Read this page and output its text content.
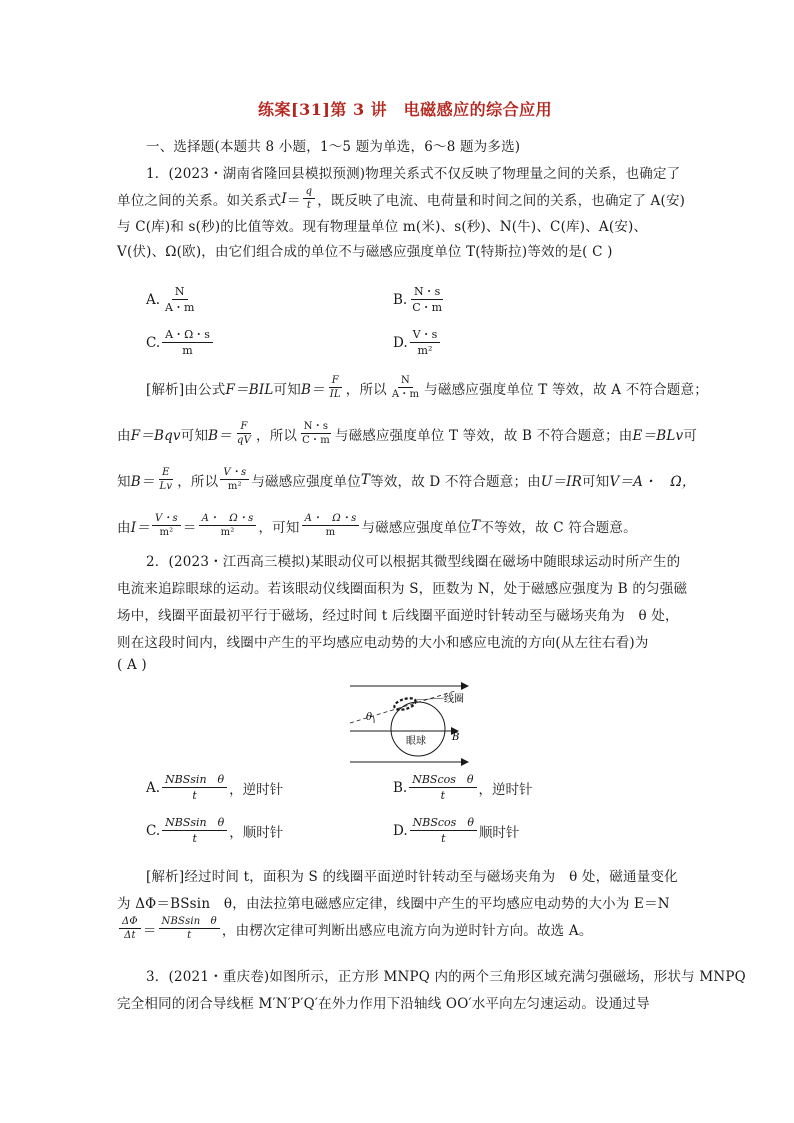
练案[31]第 3 讲　电磁感应的综合应用
一、选择题(本题共 8 小题，1～5 题为单选，6～8 题为多选)
1．(2023・湖南省隆回县模拟预测)物理关系式不仅反映了物理量之间的关系，也确定了
单位之间的关系。如关系式 $I = \frac{q}{t}$ ，既反映了电流、电荷量和时间之间的关系，也确定了 A(安)
与 C(库)和 s(秒)的比值等效。现有物理量单位 m(米)、s(秒)、N(牛)、C(库)、A(安)、
V(伏)、Ω(欧)，由它们组合成的单位不与磁感应强度单位 T(特斯拉)等效的是( C )
A. $\frac{N}{A・m}$	B. $\frac{N・s}{C・m}$
C. $\frac{A・\Omega・s}{m}$	D. $\frac{V・s}{\text{m²}}$
[解析]由公式 F＝BIL 可知 $B= \frac{F}{IL}$ ，所以 $\frac{N}{A・m}$ 与磁感应强度单位 T 等效，故 A 不符合题意；
由 F＝Bqv 可知 $B= \frac{F}{qV}$ ，所以 $\frac{N・s}{C・m}$ 与磁感应强度单位 T 等效，故 B 不符合题意；由 E＝BLv 可
知 $B= \frac{E}{Lv}$ ，所以 $\frac{V・s}{\text{m²}}$ 与磁感应强度单位 T 等效，故 D 不符合题意；由 U＝IR 可知 V＝A・　Ω，
由 $I= \frac{V・s}{\text{m²}} = \frac{A・ \Omega・s}{\text{m²}}$ ，可知 $\frac{A・ \Omega・s}{m}$ 与磁感应强度单位 T 不等效，故 C 符合题意。
2．(2023・江西高三模拟)某眼动仪可以根据其微型线圈在磁场中随眼球运动时所产生的
电流来追踪眼球的运动。若该眼动仪线圈面积为 S，匝数为 N，处于磁感应强度为 B 的匀强磁
场中，线圈平面最初平行于磁场，经过时间 t 后线圈平面逆时针转动至与磁场夹角为　θ 处，
则在这段时间内，线圈中产生的平均感应电动势的大小和感应电流的方向(从左往右看)为
( A )
θ
线圈
眼球	B
A. $\frac{\text{NBSsin　θ}}{t}$ ，逆时针	B. $\frac{\text{NBScos　θ}}{t}$ ，逆时针
C. $\frac{\text{NBSsin　θ}}{t}$ ，顺时针	D. $\frac{\text{NBScos　θ}}{t}$ 顺时针
[解析]经过时间 t，面积为 S 的线圈平面逆时针转动至与磁场夹角为　θ 处，磁通量变化
为 ΔΦ＝BSsin　θ，由法拉第电磁感应定律，线圈中产生的平均感应电动势的大小为 E＝N
$\frac{\Delta\Phi}{\Delta t} = \frac{\text{NBSsin　θ}}{t}$ ，由楞次定律可判断出感应电流方向为逆时针方向。故选 A。
3．(2021・重庆卷)如图所示，正方形 MNPQ 内的两个三角形区域充满匀强磁场，形状与 MNPQ
完全相同的闭合导线框 M′N′P′Q′在外力作用下沿轴线 OO′水平向左匀速运动。设通过导
